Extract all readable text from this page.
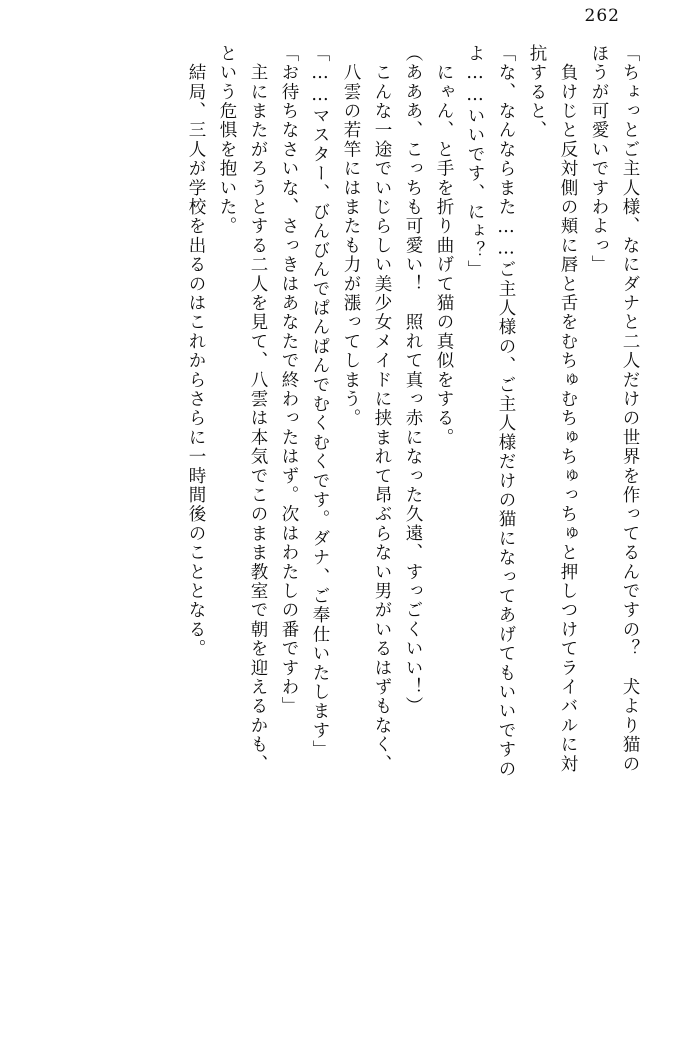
262
「ちょっとご主人様、なにダナと二人だけの世界を作ってるんですの？　犬より猫の
ほうが可愛いですわよっ」
　負けじと反対側の頬に唇と舌をむちゅむちゅちゅっちゅと押しつけてライバルに対
抗すると、
「な、なんならまた……ご主人様の、ご主人様だけの猫になってあげてもいいですの
よ……いいです、にょ？」
　にゃん、と手を折り曲げて猫の真似をする。
（あああ、こっちも可愛い！　照れて真っ赤になった久遠、すっごくいい！）
　こんな一途でいじらしい美少女メイドに挟まれて昂ぶらない男がいるはずもなく、
　八雲の若竿にはまたも力が漲ってしまう。
「……マスター、びんびんでぱんぱんでむくむくです。ダナ、ご奉仕いたします」
「お待ちなさいな、さっきはあなたで終わったはず。次はわたしの番ですわ」
　主にまたがろうとする二人を見て、八雲は本気でこのまま教室で朝を迎えるかも、
という危惧を抱いた。
　結局、三人が学校を出るのはこれからさらに一時間後のこととなる。
